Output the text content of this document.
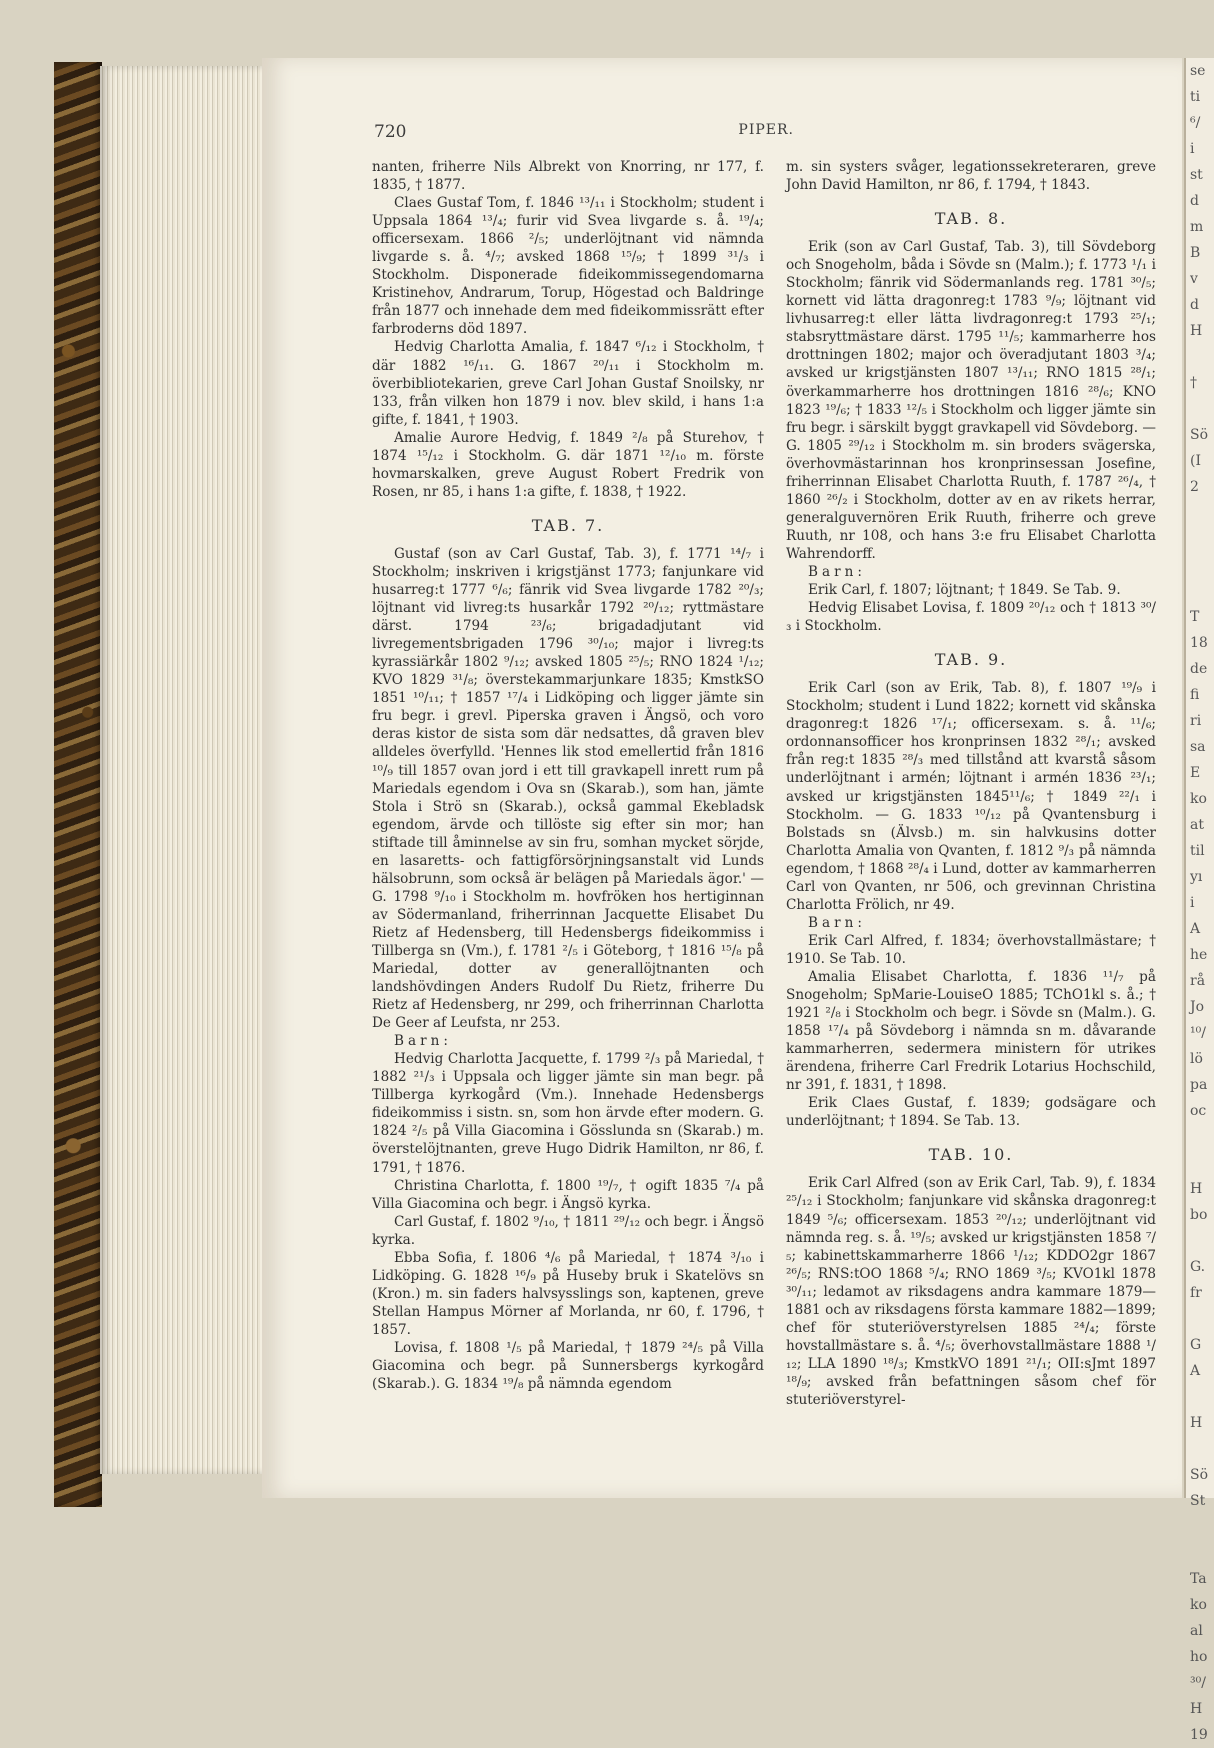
se
ti
⁶/
i
st
d
m
B
v
d
H

†

Sö
(I
2

T
18
de
fi
ri
sa
E
ko
at
til
yı
i
A
he
rå
Jo
¹⁰/
lö
pa
oc

H
bo

G.
fr

G
A

H

Sö
St

Ta
ko
al
ho
³⁰/
H
19
720	PIPER.

nanten, friherre Nils Albrekt von Knorring, nr 177, f. 1835, † 1877.

Claes Gustaf Tom, f. 1846 ¹³/₁₁ i Stockholm; student i Uppsala 1864 ¹³/₄; furir vid Svea livgarde s. å. ¹⁹/₄; officersexam. 1866 ²/₅; underlöjtnant vid nämnda livgarde s. å. ⁴/₇; avsked 1868 ¹⁵/₉; † 1899 ³¹/₃ i Stockholm. Disponerade fideikommissegendomarna Kristinehov, Andrarum, Torup, Högestad och Baldringe från 1877 och innehade dem med fideikommissrätt efter farbroderns död 1897.

Hedvig Charlotta Amalia, f. 1847 ⁶/₁₂ i Stockholm, † där 1882 ¹⁶/₁₁. G. 1867 ²⁰/₁₁ i Stockholm m. överbibliotekarien, greve Carl Johan Gustaf Snoilsky, nr 133, från vilken hon 1879 i nov. blev skild, i hans 1:a gifte, f. 1841, † 1903.

Amalie Aurore Hedvig, f. 1849 ²/₈ på Sturehov, † 1874 ¹⁵/₁₂ i Stockholm. G. där 1871 ¹²/₁₀ m. förste hovmarskalken, greve August Robert Fredrik von Rosen, nr 85, i hans 1:a gifte, f. 1838, † 1922.

TAB. 7.

Gustaf (son av Carl Gustaf, Tab. 3), f. 1771 ¹⁴/₇ i Stockholm; inskriven i krigstjänst 1773; fanjunkare vid husarreg:t 1777 ⁶/₆; fänrik vid Svea livgarde 1782 ²⁰/₃; löjtnant vid livreg:ts husarkår 1792 ²⁰/₁₂; ryttmästare därst. 1794 ²³/₆; brigadadjutant vid livregementsbrigaden 1796 ³⁰/₁₀; major i livreg:ts kyrassiärkår 1802 ⁹/₁₂; avsked 1805 ²⁵/₅; RNO 1824 ¹/₁₂; KVO 1829 ³¹/₈; överstekammarjunkare 1835; KmstkSO 1851 ¹⁰/₁₁; † 1857 ¹⁷/₄ i Lidköping och ligger jämte sin fru begr. i grevl. Piperska graven i Ängsö, och voro deras kistor de sista som där nedsattes, då graven blev alldeles överfylld. 'Hennes lik stod emellertid från 1816 ¹⁰/₉ till 1857 ovan jord i ett till gravkapell inrett rum på Mariedals egendom i Ova sn (Skarab.), som han, jämte Stola i Strö sn (Skarab.), också gammal Ekebladsk egendom, ärvde och tillöste sig efter sin mor; han stiftade till åminnelse av sin fru, somhan mycket sörjde, en lasaretts- och fattigförsörjningsanstalt vid Lunds hälsobrunn, som också är belägen på Mariedals ägor.' — G. 1798 ⁹/₁₀ i Stockholm m. hovfröken hos hertiginnan av Södermanland, friherrinnan Jacquette Elisabet Du Rietz af Hedensberg, till Hedensbergs fideikommiss i Tillberga sn (Vm.), f. 1781 ²/₅ i Göteborg, † 1816 ¹⁵/₈ på Mariedal, dotter av generallöjtnanten och landshövdingen Anders Rudolf Du Rietz, friherre Du Rietz af Hedensberg, nr 299, och friherrinnan Charlotta De Geer af Leufsta, nr 253.

Barn:

Hedvig Charlotta Jacquette, f. 1799 ²/₃ på Mariedal, † 1882 ²¹/₃ i Uppsala och ligger jämte sin man begr. på Tillberga kyrkogård (Vm.). Innehade Hedensbergs fideikommiss i sistn. sn, som hon ärvde efter modern. G. 1824 ²/₅ på Villa Giacomina i Gösslunda sn (Skarab.) m. överstelöjtnanten, greve Hugo Didrik Hamilton, nr 86, f. 1791, † 1876.

Christina Charlotta, f. 1800 ¹⁹/₇, † ogift 1835 ⁷/₄ på Villa Giacomina och begr. i Ängsö kyrka.

Carl Gustaf, f. 1802 ⁹/₁₀, † 1811 ²⁹/₁₂ och begr. i Ängsö kyrka.

Ebba Sofia, f. 1806 ⁴/₆ på Mariedal, † 1874 ³/₁₀ i Lidköping. G. 1828 ¹⁶/₉ på Huseby bruk i Skatelövs sn (Kron.) m. sin faders halvsysslings son, kaptenen, greve Stellan Hampus Mörner af Morlanda, nr 60, f. 1796, † 1857.

Lovisa, f. 1808 ¹/₅ på Mariedal, † 1879 ²⁴/₅ på Villa Giacomina och begr. på Sunnersbergs kyrkogård (Skarab.). G. 1834 ¹⁹/₈ på nämnda egendom

m. sin systers svåger, legationssekreteraren, greve John David Hamilton, nr 86, f. 1794, † 1843.

TAB. 8.

Erik (son av Carl Gustaf, Tab. 3), till Sövdeborg och Snogeholm, båda i Sövde sn (Malm.); f. 1773 ¹/₁ i Stockholm; fänrik vid Södermanlands reg. 1781 ³⁰/₅; kornett vid lätta dragonreg:t 1783 ⁹/₉; löjtnant vid livhusarreg:t eller lätta livdragonreg:t 1793 ²⁵/₁; stabsryttmästare därst. 1795 ¹¹/₅; kammarherre hos drottningen 1802; major och överadjutant 1803 ³/₄; avsked ur krigstjänsten 1807 ¹³/₁₁; RNO 1815 ²⁸/₁; överkammarherre hos drottningen 1816 ²⁸/₆; KNO 1823 ¹⁹/₆; † 1833 ¹²/₅ i Stockholm och ligger jämte sin fru begr. i särskilt byggt gravkapell vid Sövdeborg. — G. 1805 ²⁹/₁₂ i Stockholm m. sin broders svägerska, överhovmästarinnan hos kronprinsessan Josefine, friherrinnan Elisabet Charlotta Ruuth, f. 1787 ²⁶/₄, † 1860 ²⁶/₂ i Stockholm, dotter av en av rikets herrar, generalguvernören Erik Ruuth, friherre och greve Ruuth, nr 108, och hans 3:e fru Elisabet Charlotta Wahrendorff.

Barn:

Erik Carl, f. 1807; löjtnant; † 1849. Se Tab. 9.

Hedvig Elisabet Lovisa, f. 1809 ²⁰/₁₂ och † 1813 ³⁰/₃ i Stockholm.

TAB. 9.

Erik Carl (son av Erik, Tab. 8), f. 1807 ¹⁹/₉ i Stockholm; student i Lund 1822; kornett vid skånska dragonreg:t 1826 ¹⁷/₁; officersexam. s. å. ¹¹/₆; ordonnansofficer hos kronprinsen 1832 ²⁸/₁; avsked från reg:t 1835 ²⁸/₃ med tillstånd att kvarstå såsom underlöjtnant i armén; löjtnant i armén 1836 ²³/₁; avsked ur krigstjänsten 1845¹¹/₆; † 1849 ²²/₁ i Stockholm. — G. 1833 ¹⁰/₁₂ på Qvantensburg i Bolstads sn (Älvsb.) m. sin halvkusins dotter Charlotta Amalia von Qvanten, f. 1812 ⁹/₃ på nämnda egendom, † 1868 ²⁸/₄ i Lund, dotter av kammarherren Carl von Qvanten, nr 506, och grevinnan Christina Charlotta Frölich, nr 49.

Barn:

Erik Carl Alfred, f. 1834; överhovstallmästare; † 1910. Se Tab. 10.

Amalia Elisabet Charlotta, f. 1836 ¹¹/₇ på Snogeholm; SpMarie-LouiseO 1885; TChO1kl s. å.; † 1921 ²/₈ i Stockholm och begr. i Sövde sn (Malm.). G. 1858 ¹⁷/₄ på Sövdeborg i nämnda sn m. dåvarande kammarherren, sedermera ministern för utrikes ärendena, friherre Carl Fredrik Lotarius Hochschild, nr 391, f. 1831, † 1898.

Erik Claes Gustaf, f. 1839; godsägare och underlöjtnant; † 1894. Se Tab. 13.

TAB. 10.

Erik Carl Alfred (son av Erik Carl, Tab. 9), f. 1834 ²⁵/₁₂ i Stockholm; fanjunkare vid skånska dragonreg:t 1849 ⁵/₆; officersexam. 1853 ²⁰/₁₂; underlöjtnant vid nämnda reg. s. å. ¹⁹/₅; avsked ur krigstjänsten 1858 ⁷/₅; kabinettskammarherre 1866 ¹/₁₂; KDDO2gr 1867 ²⁶/₅; RNS:tOO 1868 ⁵/₄; RNO 1869 ³/₅; KVO1kl 1878 ³⁰/₁₁; ledamot av riksdagens andra kammare 1879—1881 och av riksdagens första kammare 1882—1899; chef för stuteriöverstyrelsen 1885 ²⁴/₄; förste hovstallmästare s. å. ⁴/₅; överhovstallmästare 1888 ¹/₁₂; LLA 1890 ¹⁸/₃; KmstkVO 1891 ²¹/₁; OII:sJmt 1897 ¹⁸/₉; avsked från befattningen såsom chef för stuteriöverstyrel-
